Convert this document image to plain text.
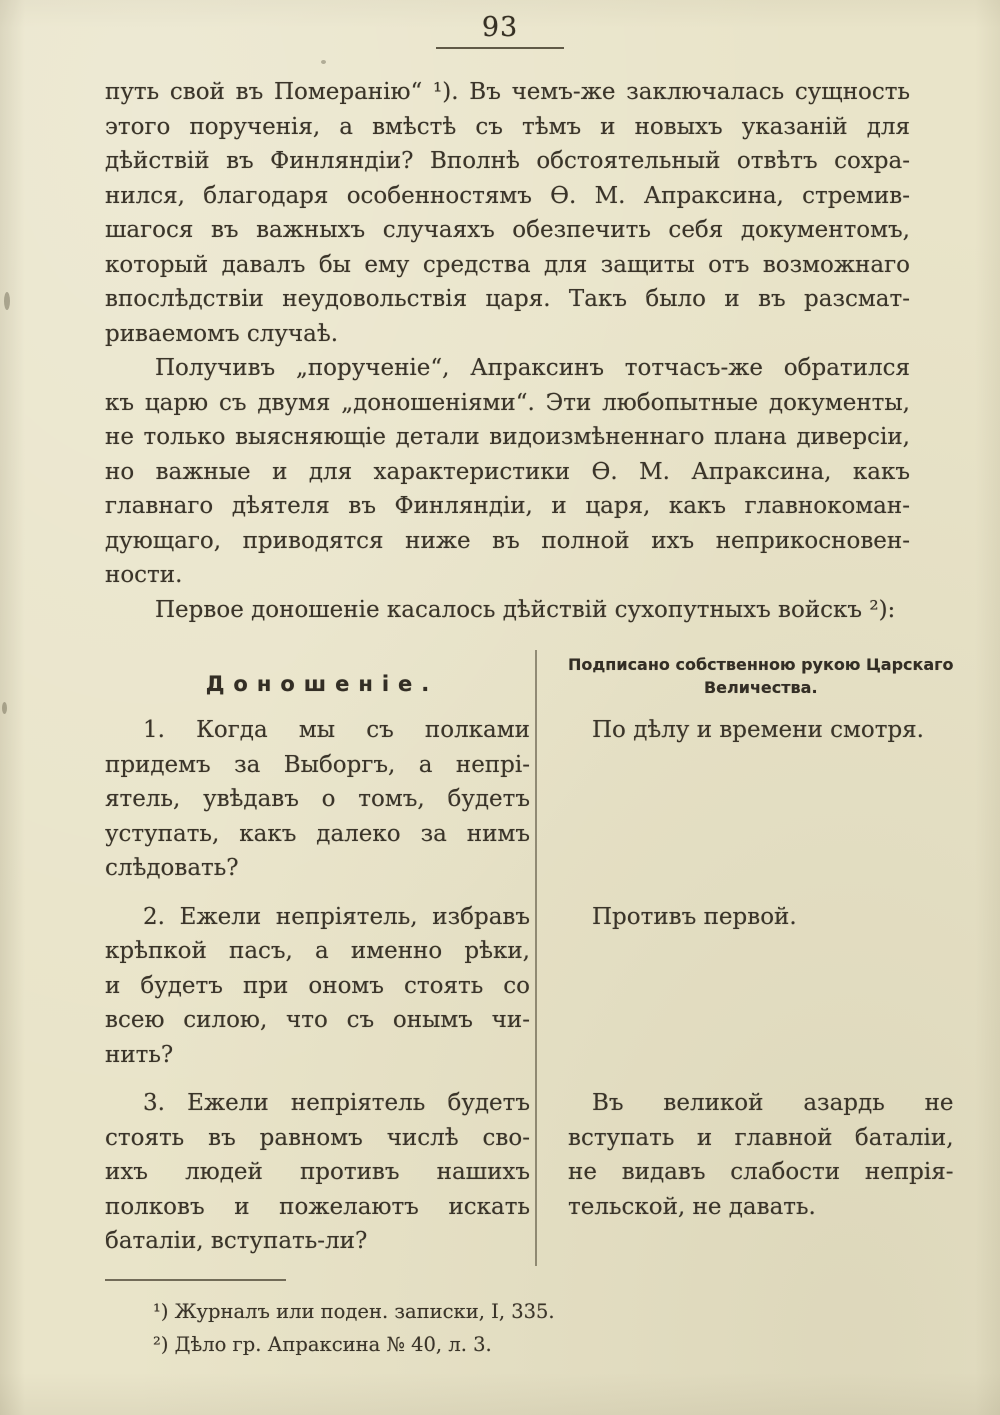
93
путь свой въ Померанію“ ¹). Въ чемъ-же заключалась сущность
этого порученія, а вмѣстѣ съ тѣмъ и новыхъ указаній для
дѣйствій въ Финляндіи? Вполнѣ обстоятельный отвѣтъ сохра-
нился, благодаря особенностямъ Ѳ. М. Апраксина, стремив-
шагося въ важныхъ случаяхъ обезпечить себя документомъ,
который давалъ бы ему средства для защиты отъ возможнаго
впослѣдствіи неудовольствія царя. Такъ было и въ разсмат-
риваемомъ случаѣ.
Получивъ „порученіе“, Апраксинъ тотчасъ-же обратился
къ царю съ двумя „доношеніями“. Эти любопытные документы,
не только выясняющіе детали видоизмѣненнаго плана диверсіи,
но важные и для характеристики Ѳ. М. Апраксина, какъ
главнаго дѣятеля въ Финляндіи, и царя, какъ главнокоман-
дующаго, приводятся ниже въ полной ихъ неприкосновен-
ности.
Первое доношеніе касалось дѣйствій сухопутныхъ войскъ ²):
Доношеніе.
Подписано собственною рукою Царскаго
Величества.
1. Когда мы съ полками
придемъ за Выборгъ, а непрі-
ятель, увѣдавъ о томъ, будетъ
уступать, какъ далеко за нимъ
слѣдовать?
По дѣлу и времени смотря.
2. Ежели непріятель, избравъ
крѣпкой пасъ, а именно рѣки,
и будетъ при ономъ стоять со
всею силою, что съ онымъ чи-
нить?
Противъ первой.
3. Ежели непріятель будетъ
стоять въ равномъ числѣ сво-
ихъ людей противъ нашихъ
полковъ и пожелаютъ искать
баталіи, вступать-ли?
Въ великой азардь не
вступать и главной баталіи,
не видавъ слабости непрія-
тельской, не давать.
¹) Журналъ или поден. записки, I, 335.
²) Дѣло гр. Апраксина № 40, л. 3.
